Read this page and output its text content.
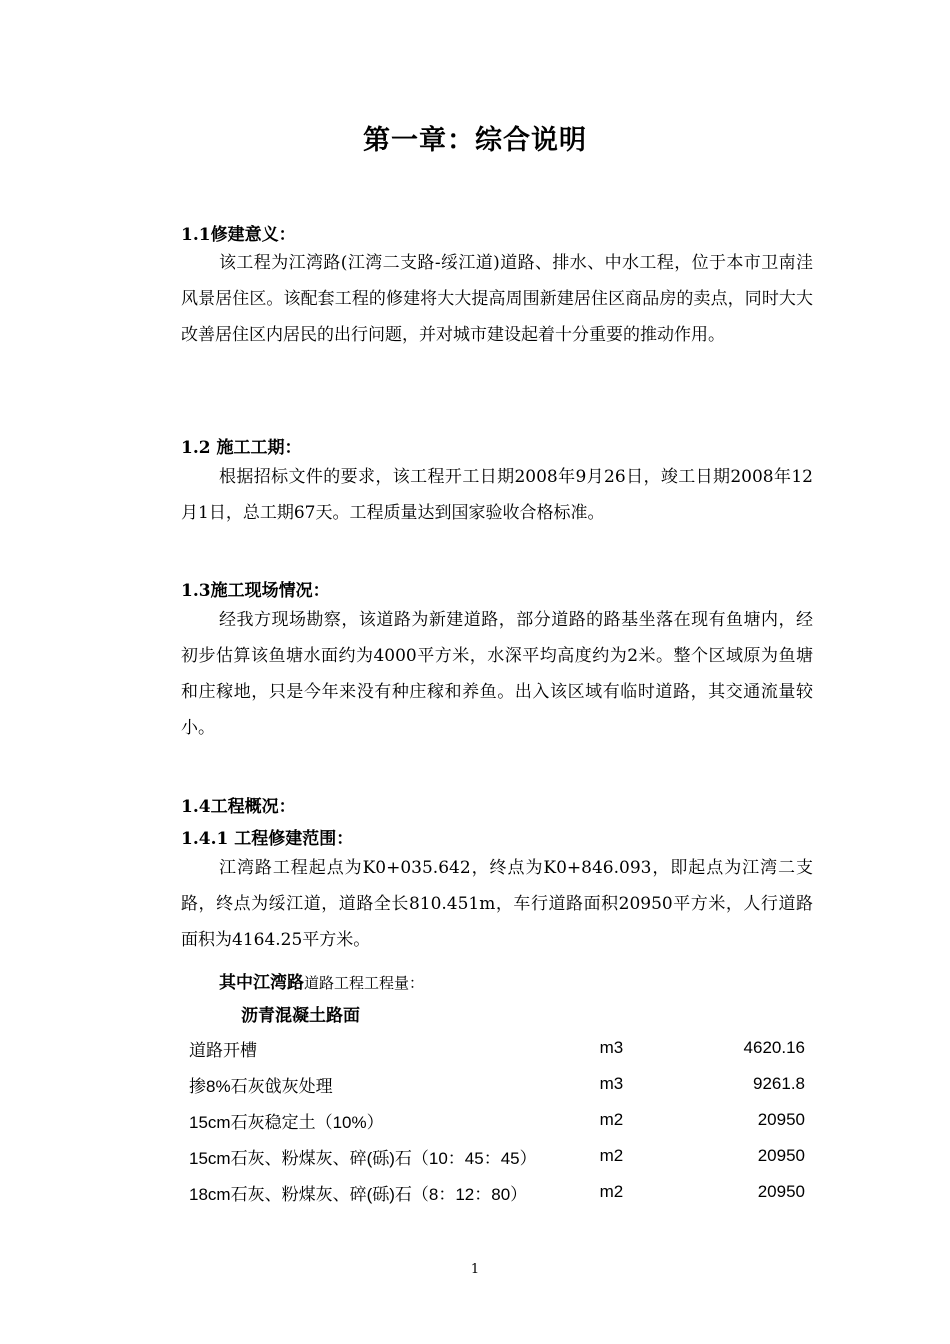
第一章：综合说明
1.1修建意义：
该工程为江湾路(江湾二支路-绥江道)道路、排水、中水工程，位于本市卫南洼风景居住区。该配套工程的修建将大大提高周围新建居住区商品房的卖点，同时大大改善居住区内居民的出行问题，并对城市建设起着十分重要的推动作用。
1.2 施工工期：
根据招标文件的要求，该工程开工日期2008年9月26日，竣工日期2008年12月1日，总工期67天。工程质量达到国家验收合格标准。
1.3施工现场情况：
经我方现场勘察，该道路为新建道路，部分道路的路基坐落在现有鱼塘内，经初步估算该鱼塘水面约为4000平方米，水深平均高度约为2米。整个区域原为鱼塘和庄稼地，只是今年来没有种庄稼和养鱼。出入该区域有临时道路，其交通流量较小。
1.4工程概况：
1.4.1 工程修建范围：
江湾路工程起点为K0+035.642，终点为K0+846.093，即起点为江湾二支路，终点为绥江道，道路全长810.451m，车行道路面积20950平方米，人行道路面积为4164.25平方米。
其中江湾路道路工程工程量：
沥青混凝土路面
道路开槽	m3	4620.16
掺8%石灰戗灰处理	m3	9261.8
15cm石灰稳定土（10%）	m2	20950
15cm石灰、粉煤灰、碎(砾)石（10：45：45）	m2	20950
18cm石灰、粉煤灰、碎(砾)石（8：12：80）	m2	20950
1
